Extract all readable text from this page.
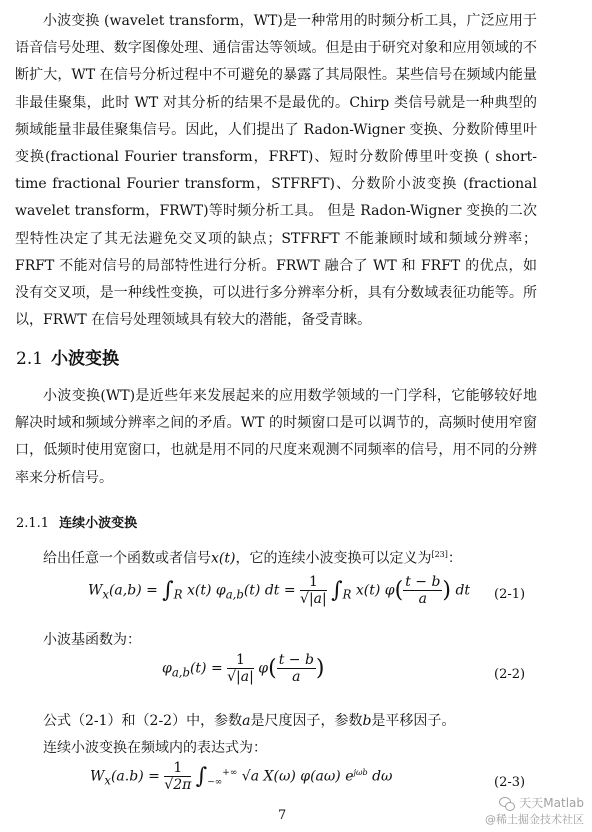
小波变换 (wavelet transform，WT)是一种常用的时频分析工具，广泛应用于语音信号处理、数字图像处理、通信雷达等领域。但是由于研究对象和应用领域的不断扩大，WT 在信号分析过程中不可避免的暴露了其局限性。某些信号在频域内能量非最佳聚集，此时 WT 对其分析的结果不是最优的。Chirp 类信号就是一种典型的频域能量非最佳聚集信号。因此，人们提出了 Radon-Wigner 变换、分数阶傅里叶变换(fractional Fourier transform，FRFT)、短时分数阶傅里叶变换 ( short-time fractional Fourier transform，STFRFT)、分数阶小波变换 (fractional wavelet transform，FRWT)等时频分析工具。 但是 Radon-Wigner 变换的二次型特性决定了其无法避免交叉项的缺点；STFRFT 不能兼顾时域和频域分辨率；FRFT 不能对信号的局部特性进行分析。FRWT 融合了 WT 和 FRFT 的优点，如没有交叉项，是一种线性变换，可以进行多分辨率分析，具有分数域表征功能等。所以，FRWT 在信号处理领域具有较大的潜能，备受青睐。

2.1 小波变换

小波变换(WT)是近些年来发展起来的应用数学领域的一门学科，它能够较好地解决时域和频域分辨率之间的矛盾。WT 的时频窗口是可以调节的，高频时使用窄窗口，低频时使用宽窗口，也就是用不同的尺度来观测不同频率的信号，用不同的分辨率来分析信号。

2.1.1 连续小波变换
给出任意一个函数或者信号x(t)，它的连续小波变换可以定义为[23]：
$W_x(a,b) = \int_R$ x(t) $\varphi_{a,b}(t)$ dt = $\frac{1}{√|a|} \int_R$ x(t) $\varphi( \frac{t - b}{a}$ ) dt (2-1)
小波基函数为：
$\varphi_{a,b}(t) = \frac{1}{√|a|} \varphi( \frac{t - b}{a}$ )	(2-2)
公式（2-1）和（2-2）中，参数a是尺度因子，参数b是平移因子。
连续小波变换在频域内的表达式为：
$W_x(a.b) = \frac{1}{√2\pi} \int_{-\infty}^{+\infty}$ √a X(ω) φ(aω) $e^{j\omega b}$ dω	(2-3)
7
天天Matlab
@稀土掘金技术社区
